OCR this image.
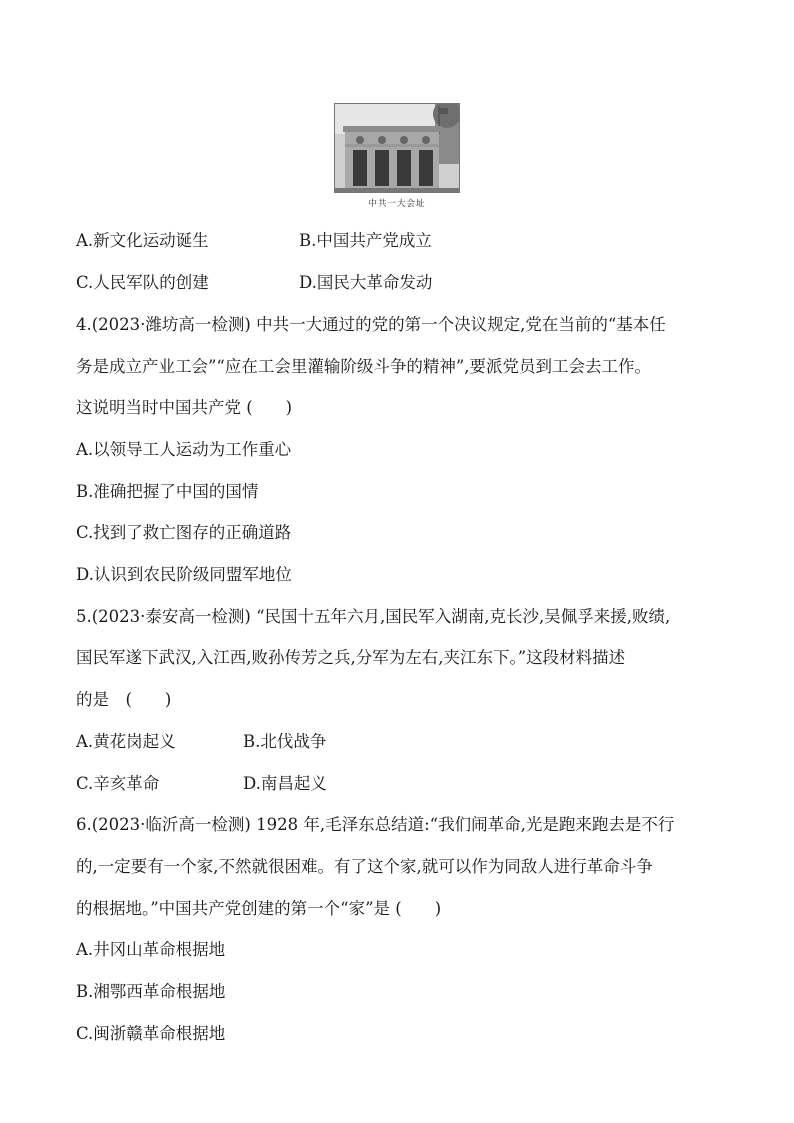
中共一大会址
A.新文化运动诞生	B.中国共产党成立
C.人民军队的创建	D.国民大革命发动
4.(2023·潍坊高一检测) 中共一大通过的党的第一个决议规定,党在当前的“基本任
务是成立产业工会”“应在工会里灌输阶级斗争的精神”,要派党员到工会去工作。
这说明当时中国共产党 (　　)
A.以领导工人运动为工作重心
B.准确把握了中国的国情
C.找到了救亡图存的正确道路
D.认识到农民阶级同盟军地位
5.(2023·泰安高一检测) “民国十五年六月,国民军入湖南,克长沙,吴佩孚来援,败绩,
国民军遂下武汉,入江西,败孙传芳之兵,分军为左右,夹江东下。”这段材料描述
的是　(　　)
A.黄花岗起义	B.北伐战争
C.辛亥革命	D.南昌起义
6.(2023·临沂高一检测) 1928 年,毛泽东总结道:“我们闹革命,光是跑来跑去是不行
的,一定要有一个家,不然就很困难。有了这个家,就可以作为同敌人进行革命斗争
的根据地。”中国共产党创建的第一个“家”是 (　　)
A.井冈山革命根据地
B.湘鄂西革命根据地
C.闽浙赣革命根据地
